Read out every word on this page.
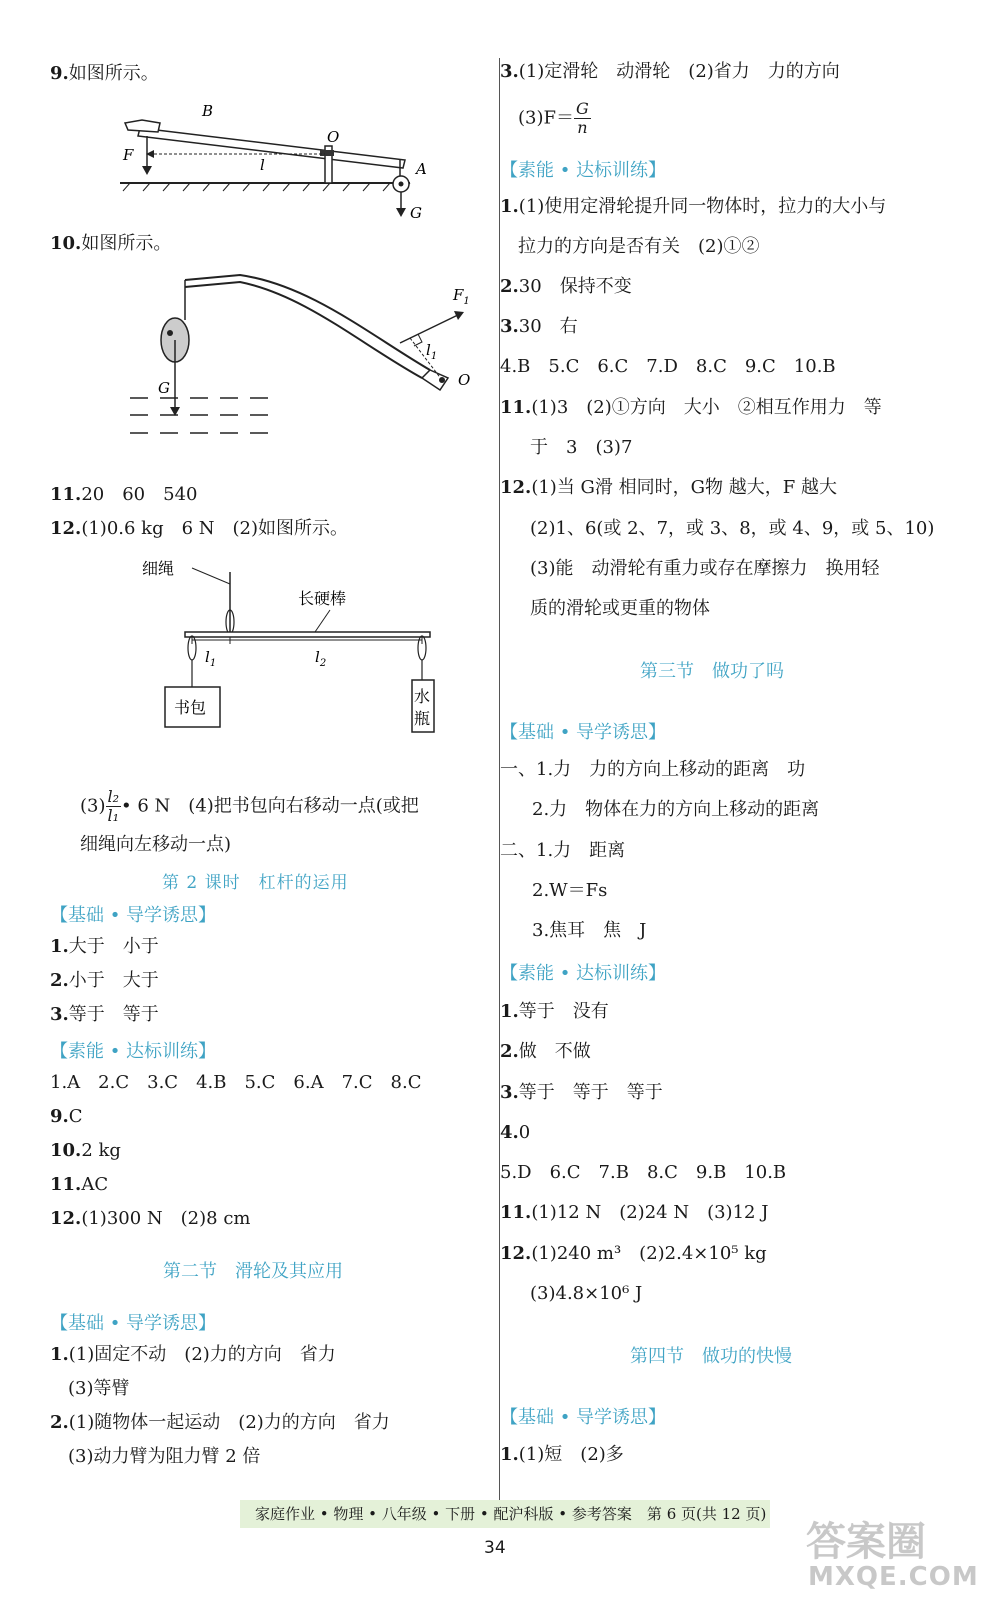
9.如图所示。
B
F
l
O
A
G
10.如图所示。
$F_1$
$l_1$
O
G
11.20　60　540
12.(1)0.6 kg　6 N　(2)如图所示。
细绳
长硬棒
$l_1$	$l_2$
书包
水
瓶
$(3) \frac{\text{l₂}}{\text{l₁}}$ • 6 N　(4)把书包向右移动一点(或把
细绳向左移动一点)
第 2 课时　杠杆的运用
【基础 • 导学诱思】
1.大于　小于
2.小于　大于
3.等于　等于
【素能 • 达标训练】
1.A　2.C　3.C　4.B　5.C　6.A　7.C　8.C
9.C
10.2 kg
11.AC
12.(1)300 N　(2)8 cm
第二节　滑轮及其应用
【基础 • 导学诱思】
1.(1)固定不动　(2)力的方向　省力
(3)等臂
2.(1)随物体一起运动　(2)力的方向　省力
(3)动力臂为阻力臂 2 倍
3.(1)定滑轮　动滑轮　(2)省力　力的方向
$(3)F= \frac{G}{n}$
【素能 • 达标训练】
1.(1)使用定滑轮提升同一物体时，拉力的大小与
拉力的方向是否有关　(2)①②
2.30　保持不变
3.30　右
4.B　5.C　6.C　7.D　8.C　9.C　10.B
11.(1)3　(2)①方向　大小　②相互作用力　等
于　3　(3)7
12.(1)当 G滑 相同时，G物 越大，F 越大
(2)1、6(或 2、7，或 3、8，或 4、9，或 5、10)
(3)能　动滑轮有重力或存在摩擦力　换用轻
质的滑轮或更重的物体
第三节　做功了吗
【基础 • 导学诱思】
一、1.力　力的方向上移动的距离　功
2.力　物体在力的方向上移动的距离
二、1.力　距离
2.W＝Fs
3.焦耳　焦　J
【素能 • 达标训练】
1.等于　没有
2.做　不做
3.等于　等于　等于
4.0
5.D　6.C　7.B　8.C　9.B　10.B
11.(1)12 N　(2)24 N　(3)12 J
12.(1)240 m³　(2)2.4×10⁵ kg
(3)4.8×10⁶ J
第四节　做功的快慢
【基础 • 导学诱思】
1.(1)短　(2)多
家庭作业 • 物理 • 八年级 • 下册 • 配沪科版 • 参考答案　第 6 页(共 12 页)
34	答案圈
MXQE.COM
